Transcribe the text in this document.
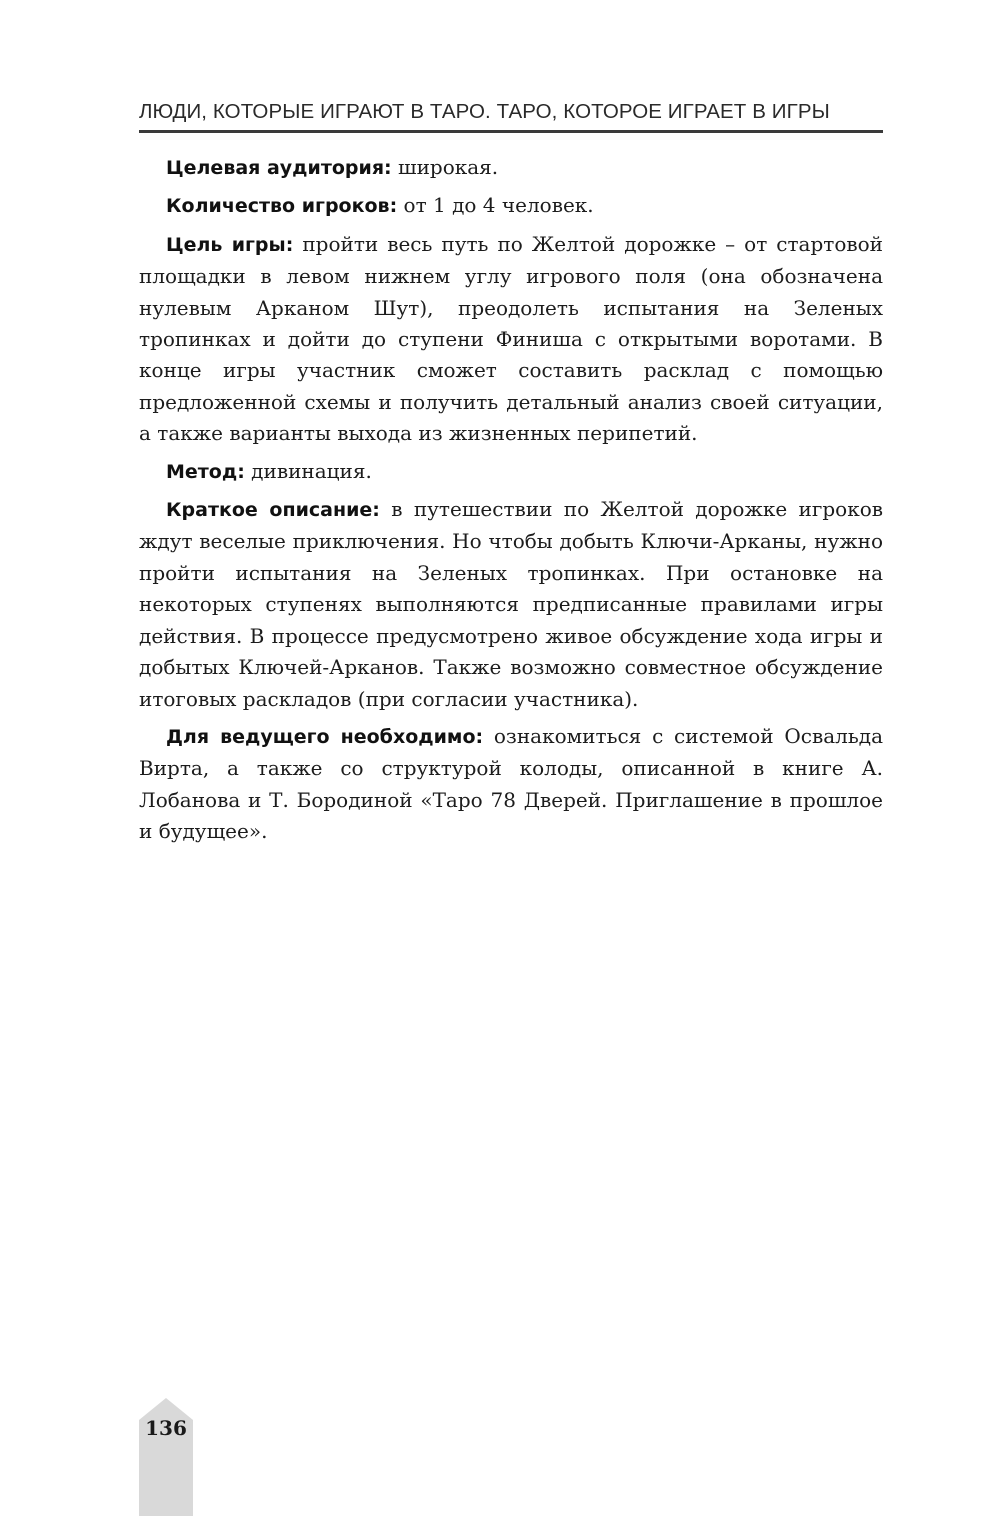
ЛЮДИ, КОТОРЫЕ ИГРАЮТ В ТАРО. ТАРО, КОТОРОЕ ИГРАЕТ В ИГРЫ

Целевая аудитория: широкая.

Количество игроков: от 1 до 4 человек.

Цель игры: пройти весь путь по Желтой дорожке – от стартовой площадки в левом нижнем углу игрового поля (она обозначена нулевым Арканом Шут), преодолеть испытания на Зеленых тропинках и дойти до ступени Финиша с открытыми воротами. В конце игры участник сможет составить расклад с помощью предложенной схемы и получить детальный анализ своей ситуации, а также варианты выхода из жизненных перипетий.

Метод: дивинация.

Краткое описание: в путешествии по Желтой дорожке игроков ждут веселые приключения. Но чтобы добыть Ключи-Арканы, нужно пройти испытания на Зеленых тропинках. При остановке на некоторых ступенях выполняются предписанные правилами игры действия. В процессе предусмотрено живое обсуждение хода игры и добытых Ключей-Арканов. Также возможно совместное обсуждение итоговых раскладов (при согласии участника).

Для ведущего необходимо: ознакомиться с системой Освальда Вирта, а также со структурой колоды, описанной в книге А. Лобанова и Т. Бородиной «Таро 78 Дверей. Приглашение в прошлое и будущее».

136
